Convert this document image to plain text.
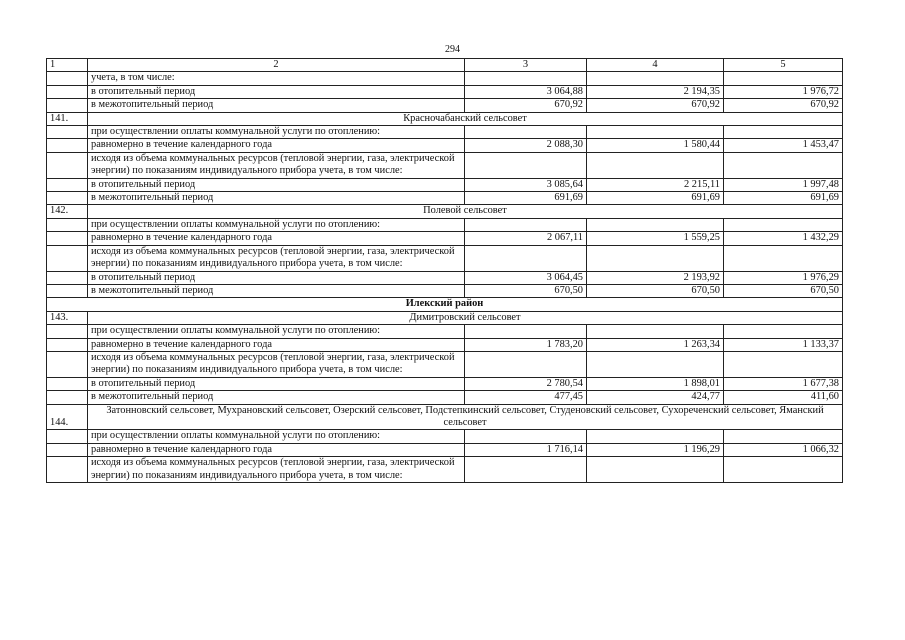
294
1	2	3	4	5
	учета, в том числе:			
	в отопительный период	3 064,88	2 194,35	1 976,72
	в межотопительный период	670,92	670,92	670,92
141.	Красночабанский сельсовет			
	при осуществлении оплаты коммунальной услуги по отоплению:			
	равномерно в течение календарного года	2 088,30	1 580,44	1 453,47
	исходя из объема коммунальных ресурсов (тепловой энергии, газа, электрической энергии) по показаниям индивидуального прибора учета, в том числе:			
	в отопительный период	3 085,64	2 215,11	1 997,48
	в межотопительный период	691,69	691,69	691,69
142.	Полевой сельсовет			
	при осуществлении оплаты коммунальной услуги по отоплению:			
	равномерно в течение календарного года	2 067,11	1 559,25	1 432,29
	исходя из объема коммунальных ресурсов (тепловой энергии, газа, электрической энергии) по показаниям индивидуального прибора учета, в том числе:			
	в отопительный период	3 064,45	2 193,92	1 976,29
	в межотопительный период	670,50	670,50	670,50
Илекский район				
143.	Димитровский сельсовет			
	при осуществлении оплаты коммунальной услуги по отоплению:			
	равномерно в течение календарного года	1 783,20	1 263,34	1 133,37
	исходя из объема коммунальных ресурсов (тепловой энергии, газа, электрической энергии) по показаниям индивидуального прибора учета, в том числе:			
	в отопительный период	2 780,54	1 898,01	1 677,38
	в межотопительный период	477,45	424,77	411,60
144.	Затонновский сельсовет, Мухрановский сельсовет, Озерский сельсовет, Подстепкинский сельсовет, Студеновский сельсовет, Сухореченский сельсовет, Яманский сельсовет			
	при осуществлении оплаты коммунальной услуги по отоплению:			
	равномерно в течение календарного года	1 716,14	1 196,29	1 066,32
	исходя из объема коммунальных ресурсов (тепловой энергии, газа, электрической энергии) по показаниям индивидуального прибора учета, в том числе:			
